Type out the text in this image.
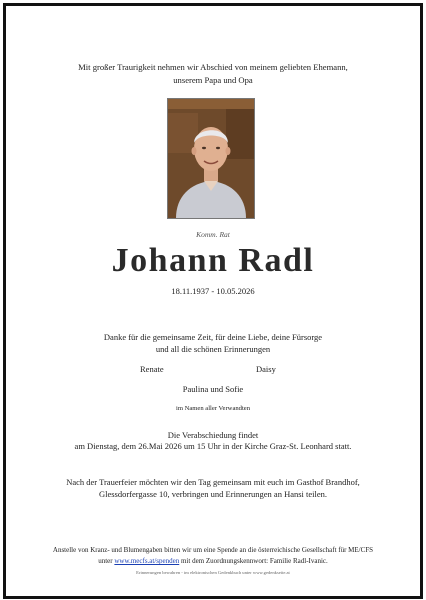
Mit großer Traurigkeit nehmen wir Abschied von meinem geliebten Ehemann,
unserem Papa und Opa
Komm. Rat
Johann Radl
18.11.1937 - 10.05.2026
Danke für die gemeinsame Zeit, für deine Liebe, deine Fürsorge
und all die schönen Erinnerungen
Renate	Daisy
Paulina und Sofie
im Namen aller Verwandten
Die Verabschiedung findet
am Dienstag, dem 26.Mai 2026 um 15 Uhr in der Kirche Graz-St. Leonhard statt.
Nach der Trauerfeier möchten wir den Tag gemeinsam mit euch im Gasthof Brandhof,
Glessdorfergasse 10, verbringen und Erinnerungen an Hansi teilen.
Anstelle von Kranz- und Blumengaben bitten wir um eine Spende an die österreichische Gesellschaft für ME/CFS
unter www.mecfs.at/spenden mit dem Zuordnungskennwort: Familie Radl-Ivanic.
Erinnerungen bewahren - im elektronischen Gedenkbuch unter www.gedenkseite.at
